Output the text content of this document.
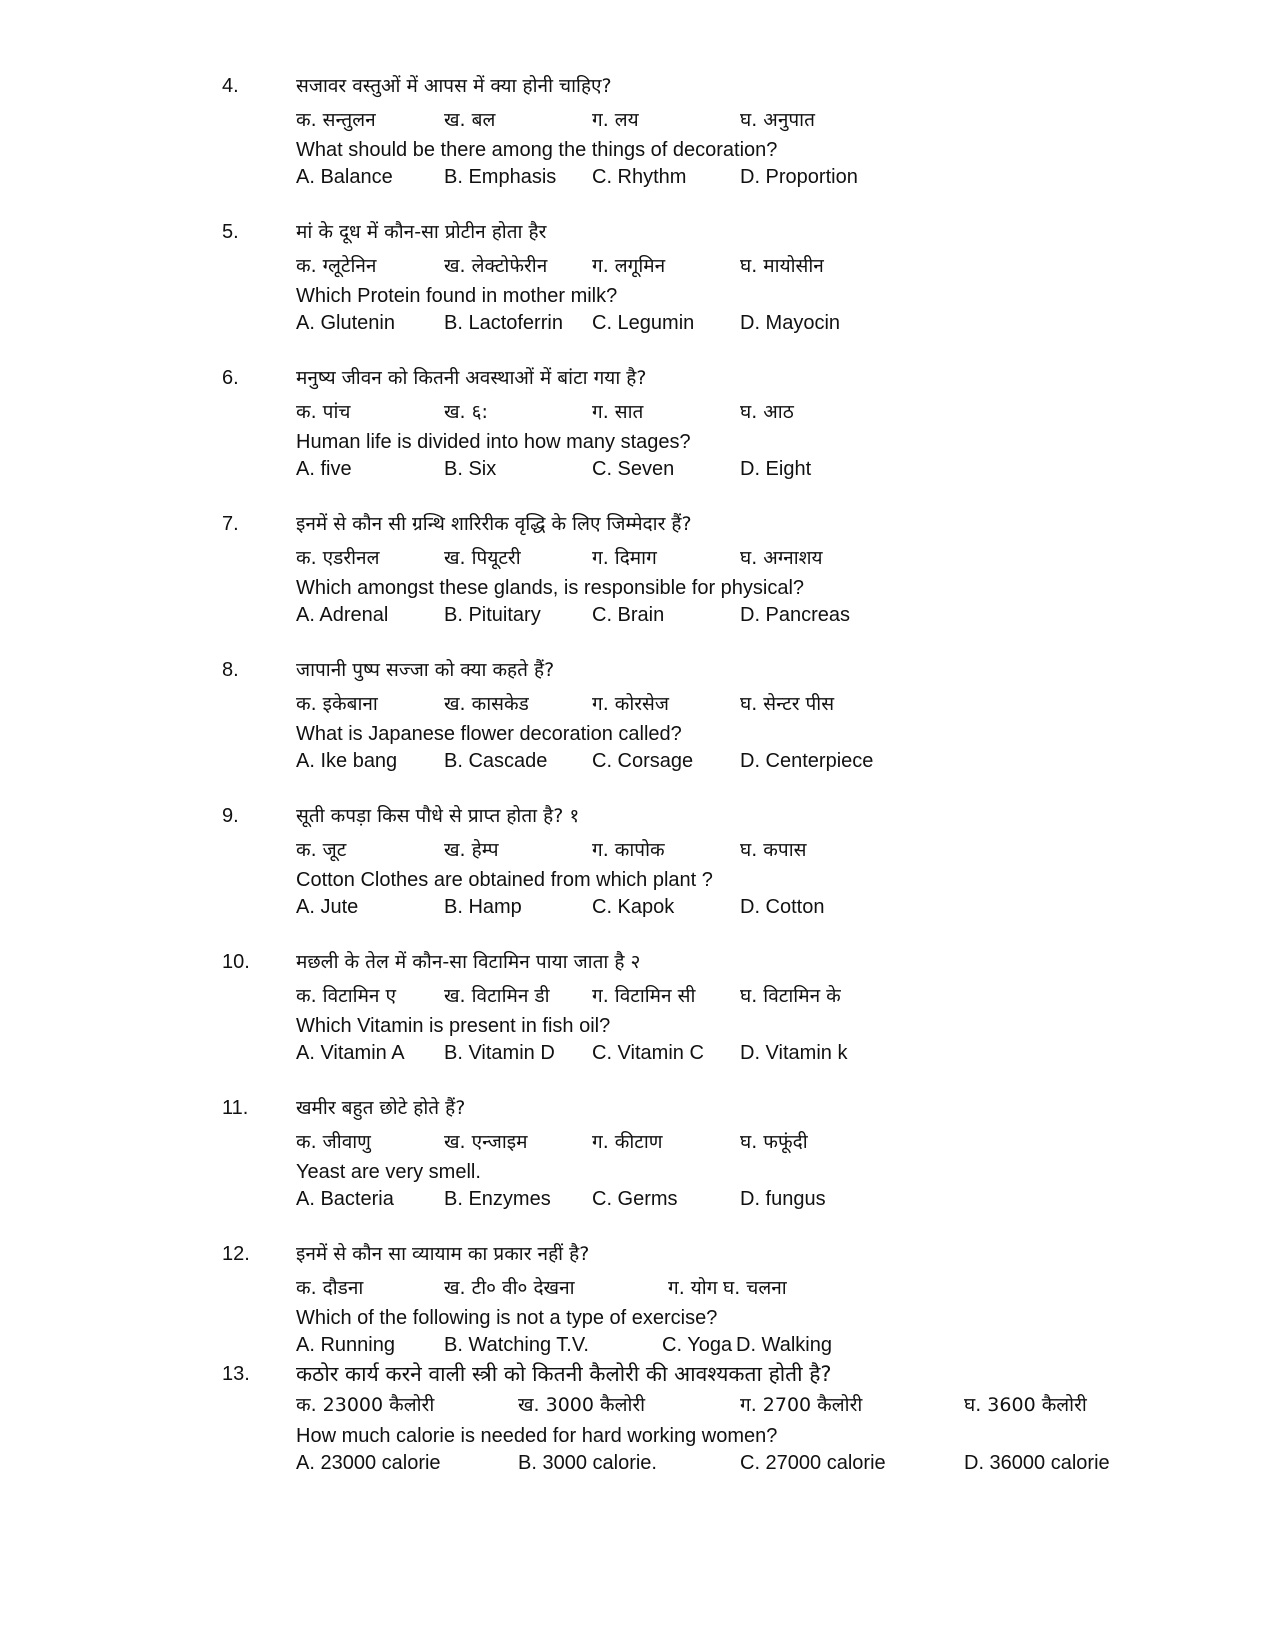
4.	सजावर वस्तुओं में आपस में क्या होनी चाहिए?
क. सन्तुलन	ख. बल	ग. लय	घ. अनुपात
What should be there among the things of decoration?
A. Balance	B. Emphasis C. Rhythm	D. Proportion
5.	मां के दूध में कौन-सा प्रोटीन होता हैर
क. ग्लूटेनिन	ख. लेक्टोफेरीन ग. लगूमिन	घ. मायोसीन
Which Protein found in mother milk?
A. Glutenin B. Lactoferrin C. Legumin D. Mayocin
6.	मनुष्य जीवन को कितनी अवस्थाओं में बांटा गया है?
क. पांच	ख. ६:	ग. सात	घ. आठ
Human life is divided into how many stages?
A. five	B. Six	C. Seven	D. Eight
7.	इनमें से कौन सी ग्रन्थि शारिरीक वृद्धि के लिए जिम्मेदार हैं?
क. एडरीनल	ख. पियूटरी	ग. दिमाग	घ. अग्नाशय
Which amongst these glands, is responsible for physical?
A. Adrenal	B. Pituitary	C. Brain	D. Pancreas
8.	जापानी पुष्प सज्जा को क्या कहते हैं?
क. इकेबाना	ख. कासकेड	ग. कोरसेज	घ. सेन्टर पीस
What is Japanese flower decoration called?
A. Ike bang B. Cascade C. Corsage D. Centerpiece
9.	सूती कपड़ा किस पौधे से प्राप्त होता है? १
क. जूट	ख. हेम्प	ग. कापोक	घ. कपास
Cotton Clothes are obtained from which plant ?
A. Jute	B. Hamp	C. Kapok	D. Cotton
10. मछली के तेल में कौन-सा विटामिन पाया जाता है २
क. विटामिन ए	ख. विटामिन डी ग. विटामिन सी घ. विटामिन के
Which Vitamin is present in fish oil?
A. Vitamin A B. Vitamin D C. Vitamin C D. Vitamin k
11.	खमीर बहुत छोटे होते हैं?
क. जीवाणु	ख. एन्जाइम	ग. कीटाण	घ. फफूंदी
Yeast are very smell.
A. Bacteria	B. Enzymes C. Germs	D. fungus
12. इनमें से कौन सा व्यायाम का प्रकार नहीं है?
क. दौडना	ख. टी० वी० देखना	ग. योग घ. चलना
Which of the following is not a type of exercise?
A. Running B. Watching T.V.	C. Yoga D. Walking
13. कठोर कार्य करने वाली स्त्री को कितनी कैलोरी की आवश्यकता होती है?
क. 23000 कैलोरी	ख. 3000 कैलोरी	ग. 2700 कैलोरी	घ. 3600 कैलोरी
How much calorie is needed for hard working women?
A. 23000 calorie	B. 3000 calorie.	C. 27000 calorie	D. 36000 calorie
